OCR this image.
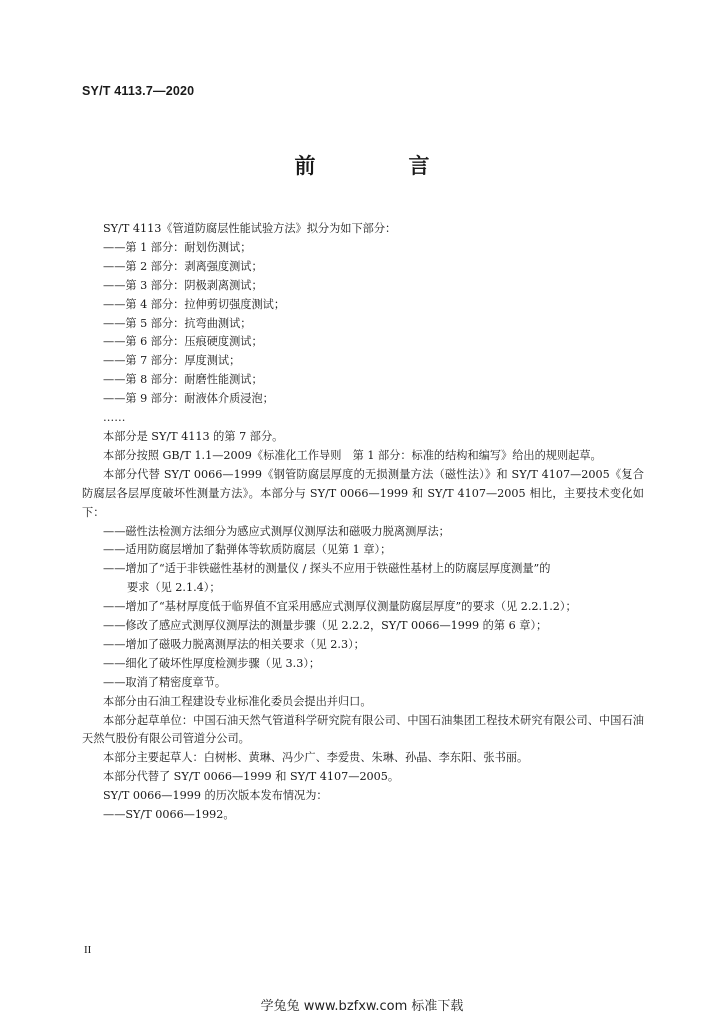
SY/T 4113.7—2020
前　言

SY/T 4113《管道防腐层性能试验方法》拟分为如下部分：

——第 1 部分：耐划伤测试；

——第 2 部分：剥离强度测试；

——第 3 部分：阴极剥离测试；

——第 4 部分：拉伸剪切强度测试；

——第 5 部分：抗弯曲测试；

——第 6 部分：压痕硬度测试；

——第 7 部分：厚度测试；

——第 8 部分：耐磨性能测试；

——第 9 部分：耐液体介质浸泡；

……

本部分是 SY/T 4113 的第 7 部分。

本部分按照 GB/T 1.1—2009《标准化工作导则　第 1 部分：标准的结构和编写》给出的规则起草。

本部分代替 SY/T 0066—1999《钢管防腐层厚度的无损测量方法（磁性法）》和 SY/T 4107—2005《复合防腐层各层厚度破坏性测量方法》。本部分与 SY/T 0066—1999 和 SY/T 4107—2005 相比，主要技术变化如下：

——磁性法检测方法细分为感应式测厚仪测厚法和磁吸力脱离测厚法；

——适用防腐层增加了黏弹体等软质防腐层（见第 1 章）；

——增加了“适于非铁磁性基材的测量仪 / 探头不应用于铁磁性基材上的防腐层厚度测量”的

要求（见 2.1.4）；

——增加了“基材厚度低于临界值不宜采用感应式测厚仪测量防腐层厚度”的要求（见 2.2.1.2）；

——修改了感应式测厚仪测厚法的测量步骤（见 2.2.2，SY/T 0066—1999 的第 6 章）；

——增加了磁吸力脱离测厚法的相关要求（见 2.3）；

——细化了破坏性厚度检测步骤（见 3.3）；

——取消了精密度章节。

本部分由石油工程建设专业标准化委员会提出并归口。

本部分起草单位：中国石油天然气管道科学研究院有限公司、中国石油集团工程技术研究有限公司、中国石油天然气股份有限公司管道分公司。

本部分主要起草人：白树彬、黄琳、冯少广、李爱贵、朱琳、孙晶、李东阳、张书丽。

本部分代替了 SY/T 0066—1999 和 SY/T 4107—2005。

SY/T 0066—1999 的历次版本发布情况为：

——SY/T 0066—1992。

II
学兔兔 www.bzfxw.com 标准下载
